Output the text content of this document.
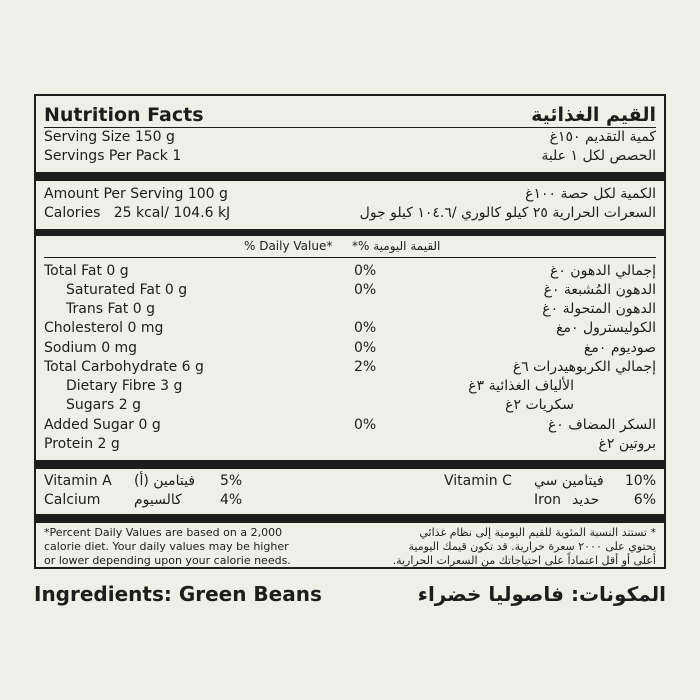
Nutrition Facts	القيم الغذائية
Serving Size 150 g	كمية التقديم ١٥٠غ
Servings Per Pack 1	الحصص لكل ١ علبة
Amount Per Serving 100 g	الكمية لكل حصة ١٠٠غ
Calories   25 kcal/ 104.6 kJ	السعرات الحرارية ٢٥ كيلو كالوري /١٠٤.٦ كيلو جول
% Daily Value* القيمة اليومية %*
Total Fat 0 g	0%	إجمالي الدهون ٠غ
Saturated Fat 0 g	0%	الدهون المُشبعة ٠غ
Trans Fat 0 g	الدهون المتحولة ٠غ
Cholesterol 0 mg	0%	الكوليسترول ٠مغ
Sodium 0 mg	0%	صوديوم ٠مغ
Total Carbohydrate 6 g	2%	إجمالي الكربوهيدرات ٦غ
Dietary Fibre 3 g	الألياف الغذائية ٣غ
Sugars 2 g	سكريات ٢غ
Added Sugar 0 g	0%	السكر المضاف ٠غ
Protein 2 g	بروتين ٢غ
Vitamin A فيتامين (أ) 5%	Vitamin C فيتامين سي 10%
Calcium كالسيوم	4%	Iron حديد 6%
*Percent Daily Values are based on a 2,000
calorie diet. Your daily values may be higher
or lower depending upon your calorie needs.
* تستند النسبة المئوية للقيم اليومية إلى نظام غذائي
يحتوي على ٢٠٠٠ سعرة حرارية. قد تكون قيمك اليومية
أعلى أو أقل اعتماداً على احتياجاتك من السعرات الحرارية.
Ingredients: Green Beans	المكونات: فاصوليا خضراء
